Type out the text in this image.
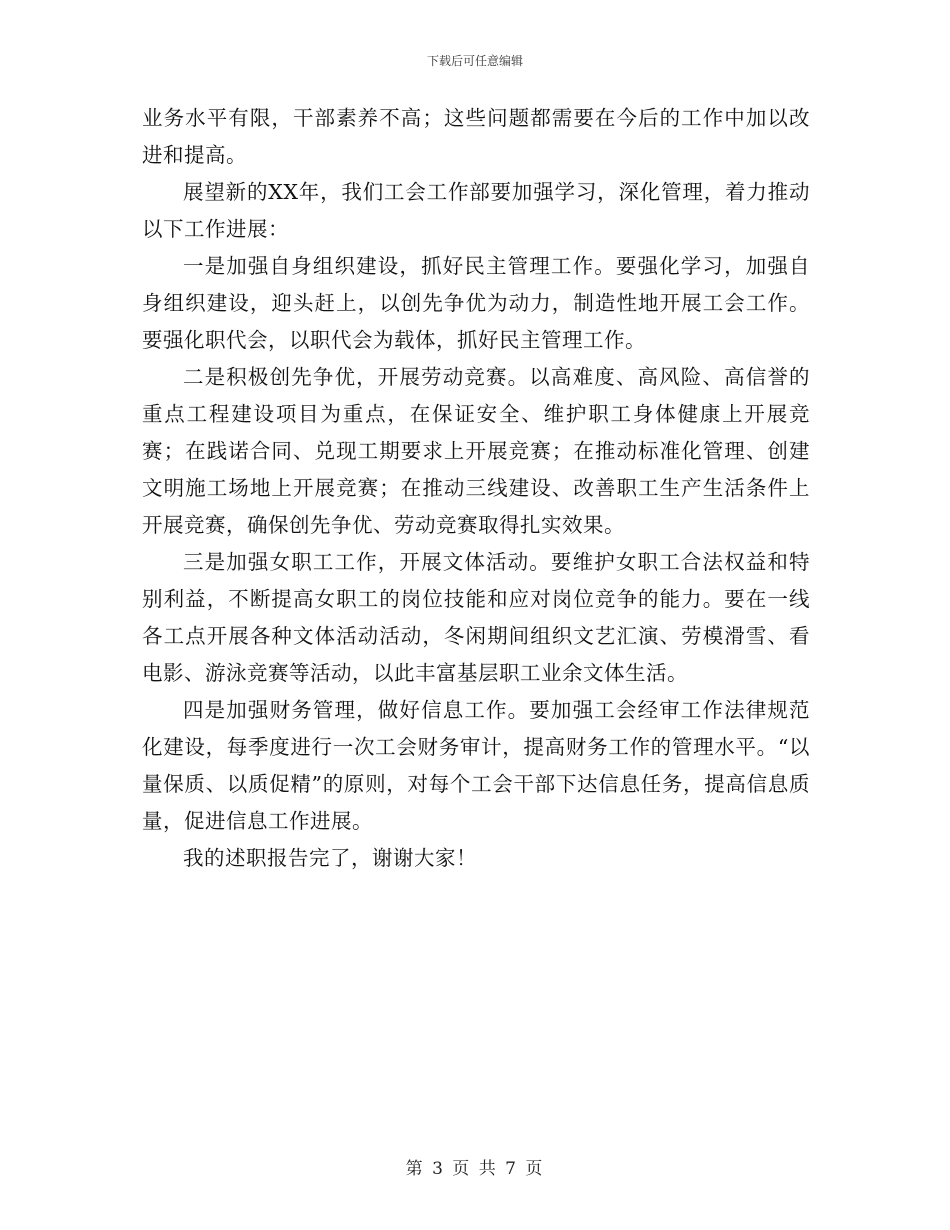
下载后可任意编辑

业务水平有限，干部素养不高；这些问题都需要在今后的工作中加以改进和提高。

展望新的XX年，我们工会工作部要加强学习，深化管理，着力推动以下工作进展：

一是加强自身组织建设，抓好民主管理工作。要强化学习，加强自身组织建设，迎头赶上，以创先争优为动力，制造性地开展工会工作。要强化职代会，以职代会为载体，抓好民主管理工作。

二是积极创先争优，开展劳动竞赛。以高难度、高风险、高信誉的重点工程建设项目为重点，在保证安全、维护职工身体健康上开展竞赛；在践诺合同、兑现工期要求上开展竞赛；在推动标准化管理、创建文明施工场地上开展竞赛；在推动三线建设、改善职工生产生活条件上开展竞赛，确保创先争优、劳动竞赛取得扎实效果。

三是加强女职工工作，开展文体活动。要维护女职工合法权益和特别利益，不断提高女职工的岗位技能和应对岗位竞争的能力。要在一线各工点开展各种文体活动活动，冬闲期间组织文艺汇演、劳模滑雪、看电影、游泳竞赛等活动，以此丰富基层职工业余文体生活。

四是加强财务管理，做好信息工作。要加强工会经审工作法律规范化建设，每季度进行一次工会财务审计，提高财务工作的管理水平。“以量保质、以质促精”的原则，对每个工会干部下达信息任务，提高信息质量，促进信息工作进展。

我的述职报告完了，谢谢大家！

第 3 页 共 7 页
